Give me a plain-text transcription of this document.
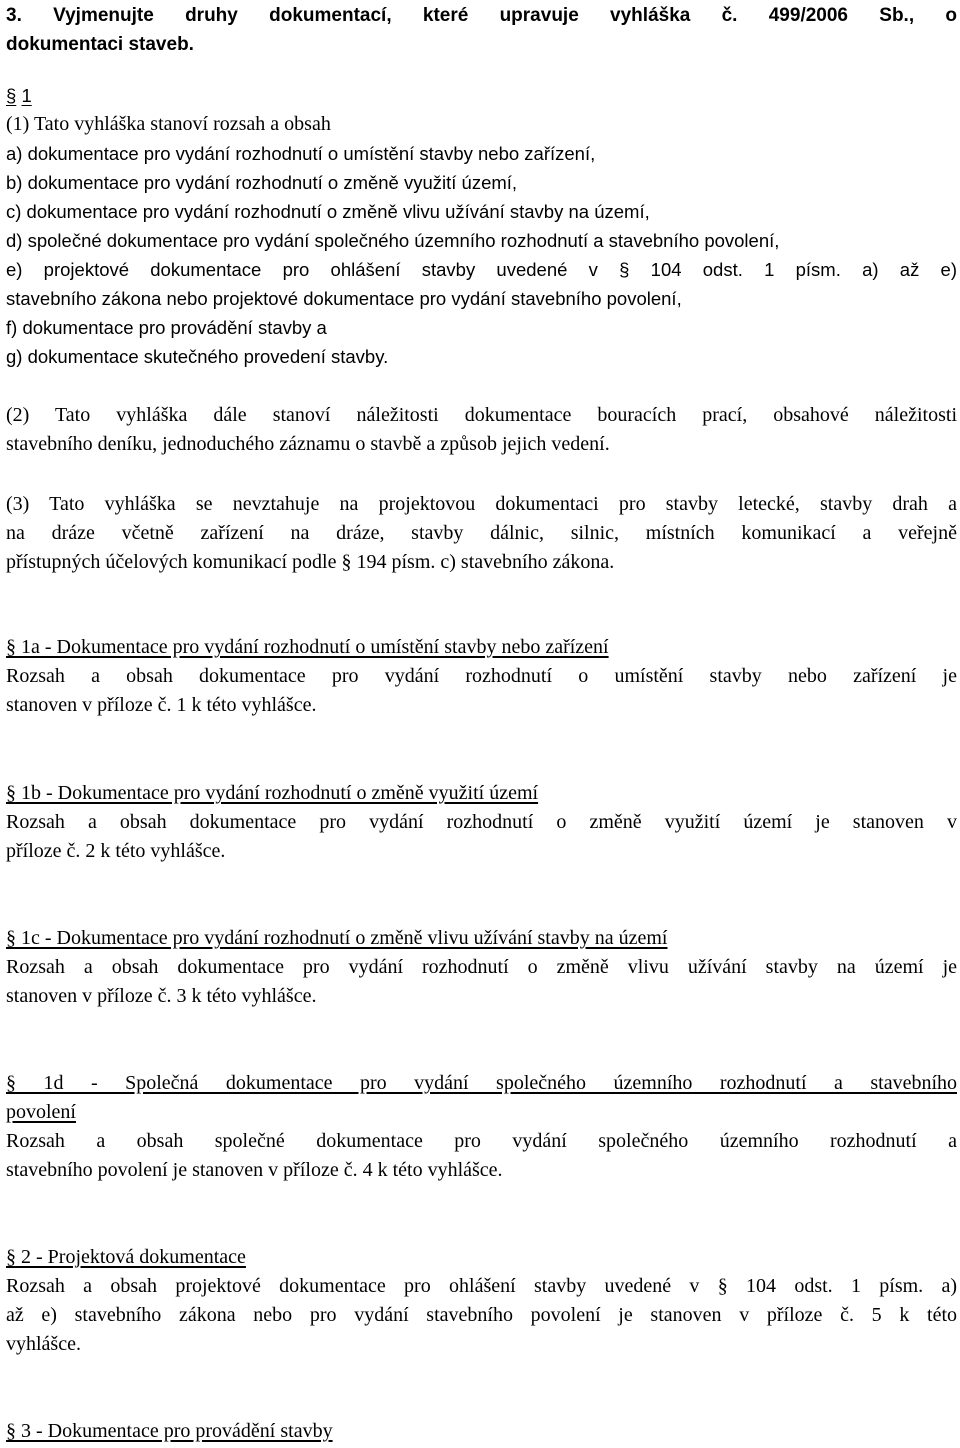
3. Vyjmenujte druhy dokumentací, které upravuje vyhláška č. 499/2006 Sb., o
dokumentaci staveb.
§ 1
(1) Tato vyhláška stanoví rozsah a obsah
a) dokumentace pro vydání rozhodnutí o umístění stavby nebo zařízení,
b) dokumentace pro vydání rozhodnutí o změně využití území,
c) dokumentace pro vydání rozhodnutí o změně vlivu užívání stavby na území,
d) společné dokumentace pro vydání společného územního rozhodnutí a stavebního povolení,
e) projektové dokumentace pro ohlášení stavby uvedené v § 104 odst. 1 písm. a) až e)
stavebního zákona nebo projektové dokumentace pro vydání stavebního povolení,
f) dokumentace pro provádění stavby a
g) dokumentace skutečného provedení stavby.
(2) Tato vyhláška dále stanoví náležitosti dokumentace bouracích prací, obsahové náležitosti
stavebního deníku, jednoduchého záznamu o stavbě a způsob jejich vedení.
(3) Tato vyhláška se nevztahuje na projektovou dokumentaci pro stavby letecké, stavby drah a
na dráze včetně zařízení na dráze, stavby dálnic, silnic, místních komunikací a veřejně
přístupných účelových komunikací podle § 194 písm. c) stavebního zákona.
§ 1a - Dokumentace pro vydání rozhodnutí o umístění stavby nebo zařízení
Rozsah a obsah dokumentace pro vydání rozhodnutí o umístění stavby nebo zařízení je
stanoven v příloze č. 1 k této vyhlášce.
§ 1b - Dokumentace pro vydání rozhodnutí o změně využití území
Rozsah a obsah dokumentace pro vydání rozhodnutí o změně využití území je stanoven v
příloze č. 2 k této vyhlášce.
§ 1c - Dokumentace pro vydání rozhodnutí o změně vlivu užívání stavby na území
Rozsah a obsah dokumentace pro vydání rozhodnutí o změně vlivu užívání stavby na území je
stanoven v příloze č. 3 k této vyhlášce.
§ 1d - Společná dokumentace pro vydání společného územního rozhodnutí a stavebního
povolení
Rozsah a obsah společné dokumentace pro vydání společného územního rozhodnutí a
stavebního povolení je stanoven v příloze č. 4 k této vyhlášce.
§ 2 - Projektová dokumentace
Rozsah a obsah projektové dokumentace pro ohlášení stavby uvedené v § 104 odst. 1 písm. a)
až e) stavebního zákona nebo pro vydání stavebního povolení je stanoven v příloze č. 5 k této
vyhlášce.
§ 3 - Dokumentace pro provádění stavby
